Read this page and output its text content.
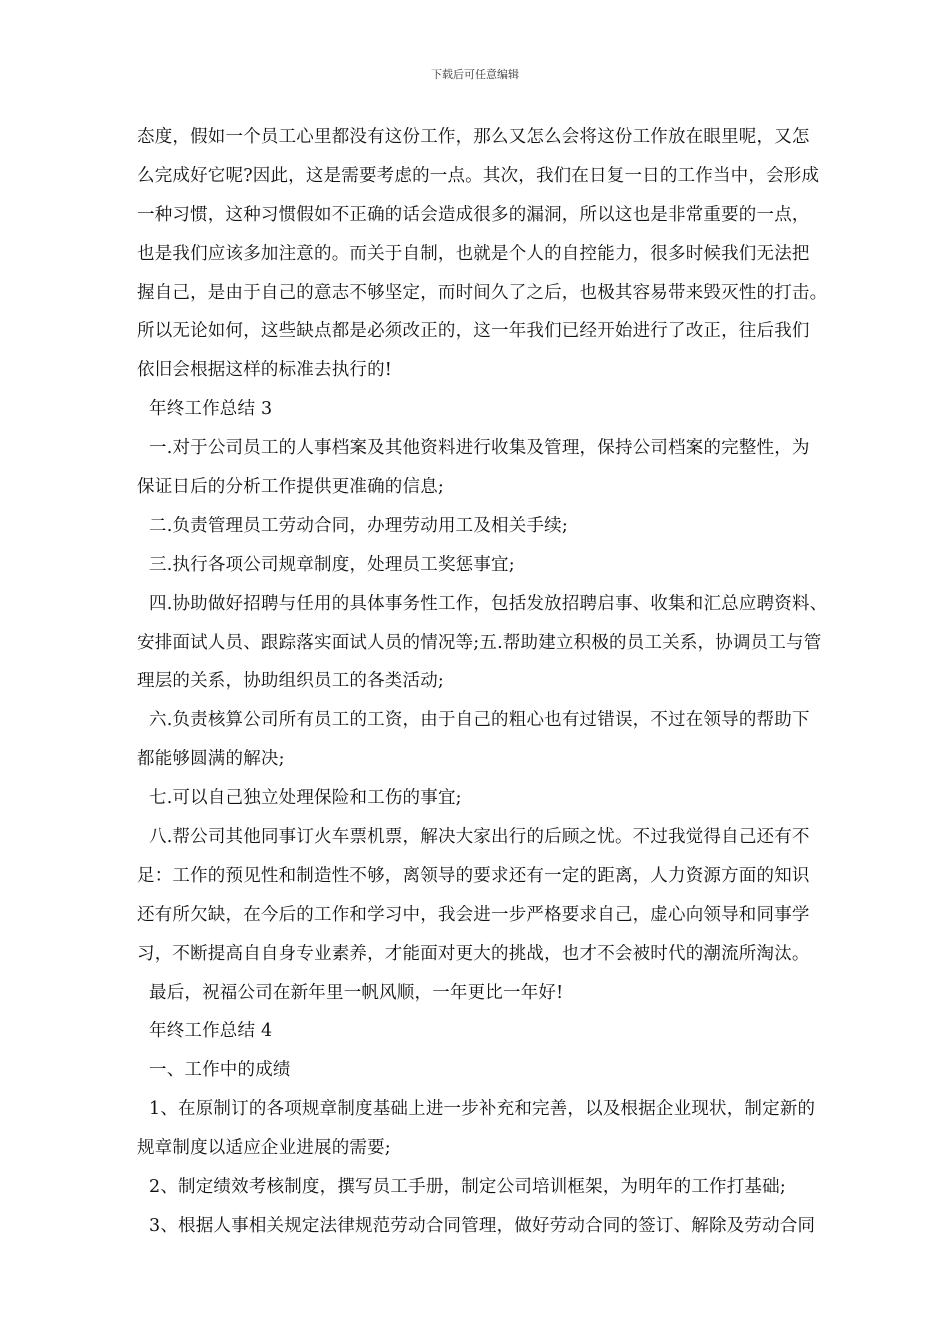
下载后可任意编辑
态度，假如一个员工心里都没有这份工作，那么又怎么会将这份工作放在眼里呢，又怎
么完成好它呢?因此，这是需要考虑的一点。其次，我们在日复一日的工作当中，会形成
一种习惯，这种习惯假如不正确的话会造成很多的漏洞，所以这也是非常重要的一点，
也是我们应该多加注意的。而关于自制，也就是个人的自控能力，很多时候我们无法把
握自己，是由于自己的意志不够坚定，而时间久了之后，也极其容易带来毁灭性的打击。
所以无论如何，这些缺点都是必须改正的，这一年我们已经开始进行了改正，往后我们
依旧会根据这样的标准去执行的!
年终工作总结 3
一.对于公司员工的人事档案及其他资料进行收集及管理，保持公司档案的完整性，为
保证日后的分析工作提供更准确的信息;
二.负责管理员工劳动合同，办理劳动用工及相关手续;
三.执行各项公司规章制度，处理员工奖惩事宜;
四.协助做好招聘与任用的具体事务性工作，包括发放招聘启事、收集和汇总应聘资料、
安排面试人员、跟踪落实面试人员的情况等;五.帮助建立积极的员工关系，协调员工与管
理层的关系，协助组织员工的各类活动;
六.负责核算公司所有员工的工资，由于自己的粗心也有过错误，不过在领导的帮助下
都能够圆满的解决;
七.可以自己独立处理保险和工伤的事宜;
八.帮公司其他同事订火车票机票，解决大家出行的后顾之忧。不过我觉得自己还有不
足：工作的预见性和制造性不够，离领导的要求还有一定的距离，人力资源方面的知识
还有所欠缺，在今后的工作和学习中，我会进一步严格要求自己，虚心向领导和同事学
习，不断提高自自身专业素养，才能面对更大的挑战，也才不会被时代的潮流所淘汰。
最后，祝福公司在新年里一帆风顺，一年更比一年好!
年终工作总结 4
一、工作中的成绩
1、在原制订的各项规章制度基础上进一步补充和完善，以及根据企业现状，制定新的
规章制度以适应企业进展的需要;
2、制定绩效考核制度，撰写员工手册，制定公司培训框架，为明年的工作打基础;
3、根据人事相关规定法律规范劳动合同管理，做好劳动合同的签订、解除及劳动合同
